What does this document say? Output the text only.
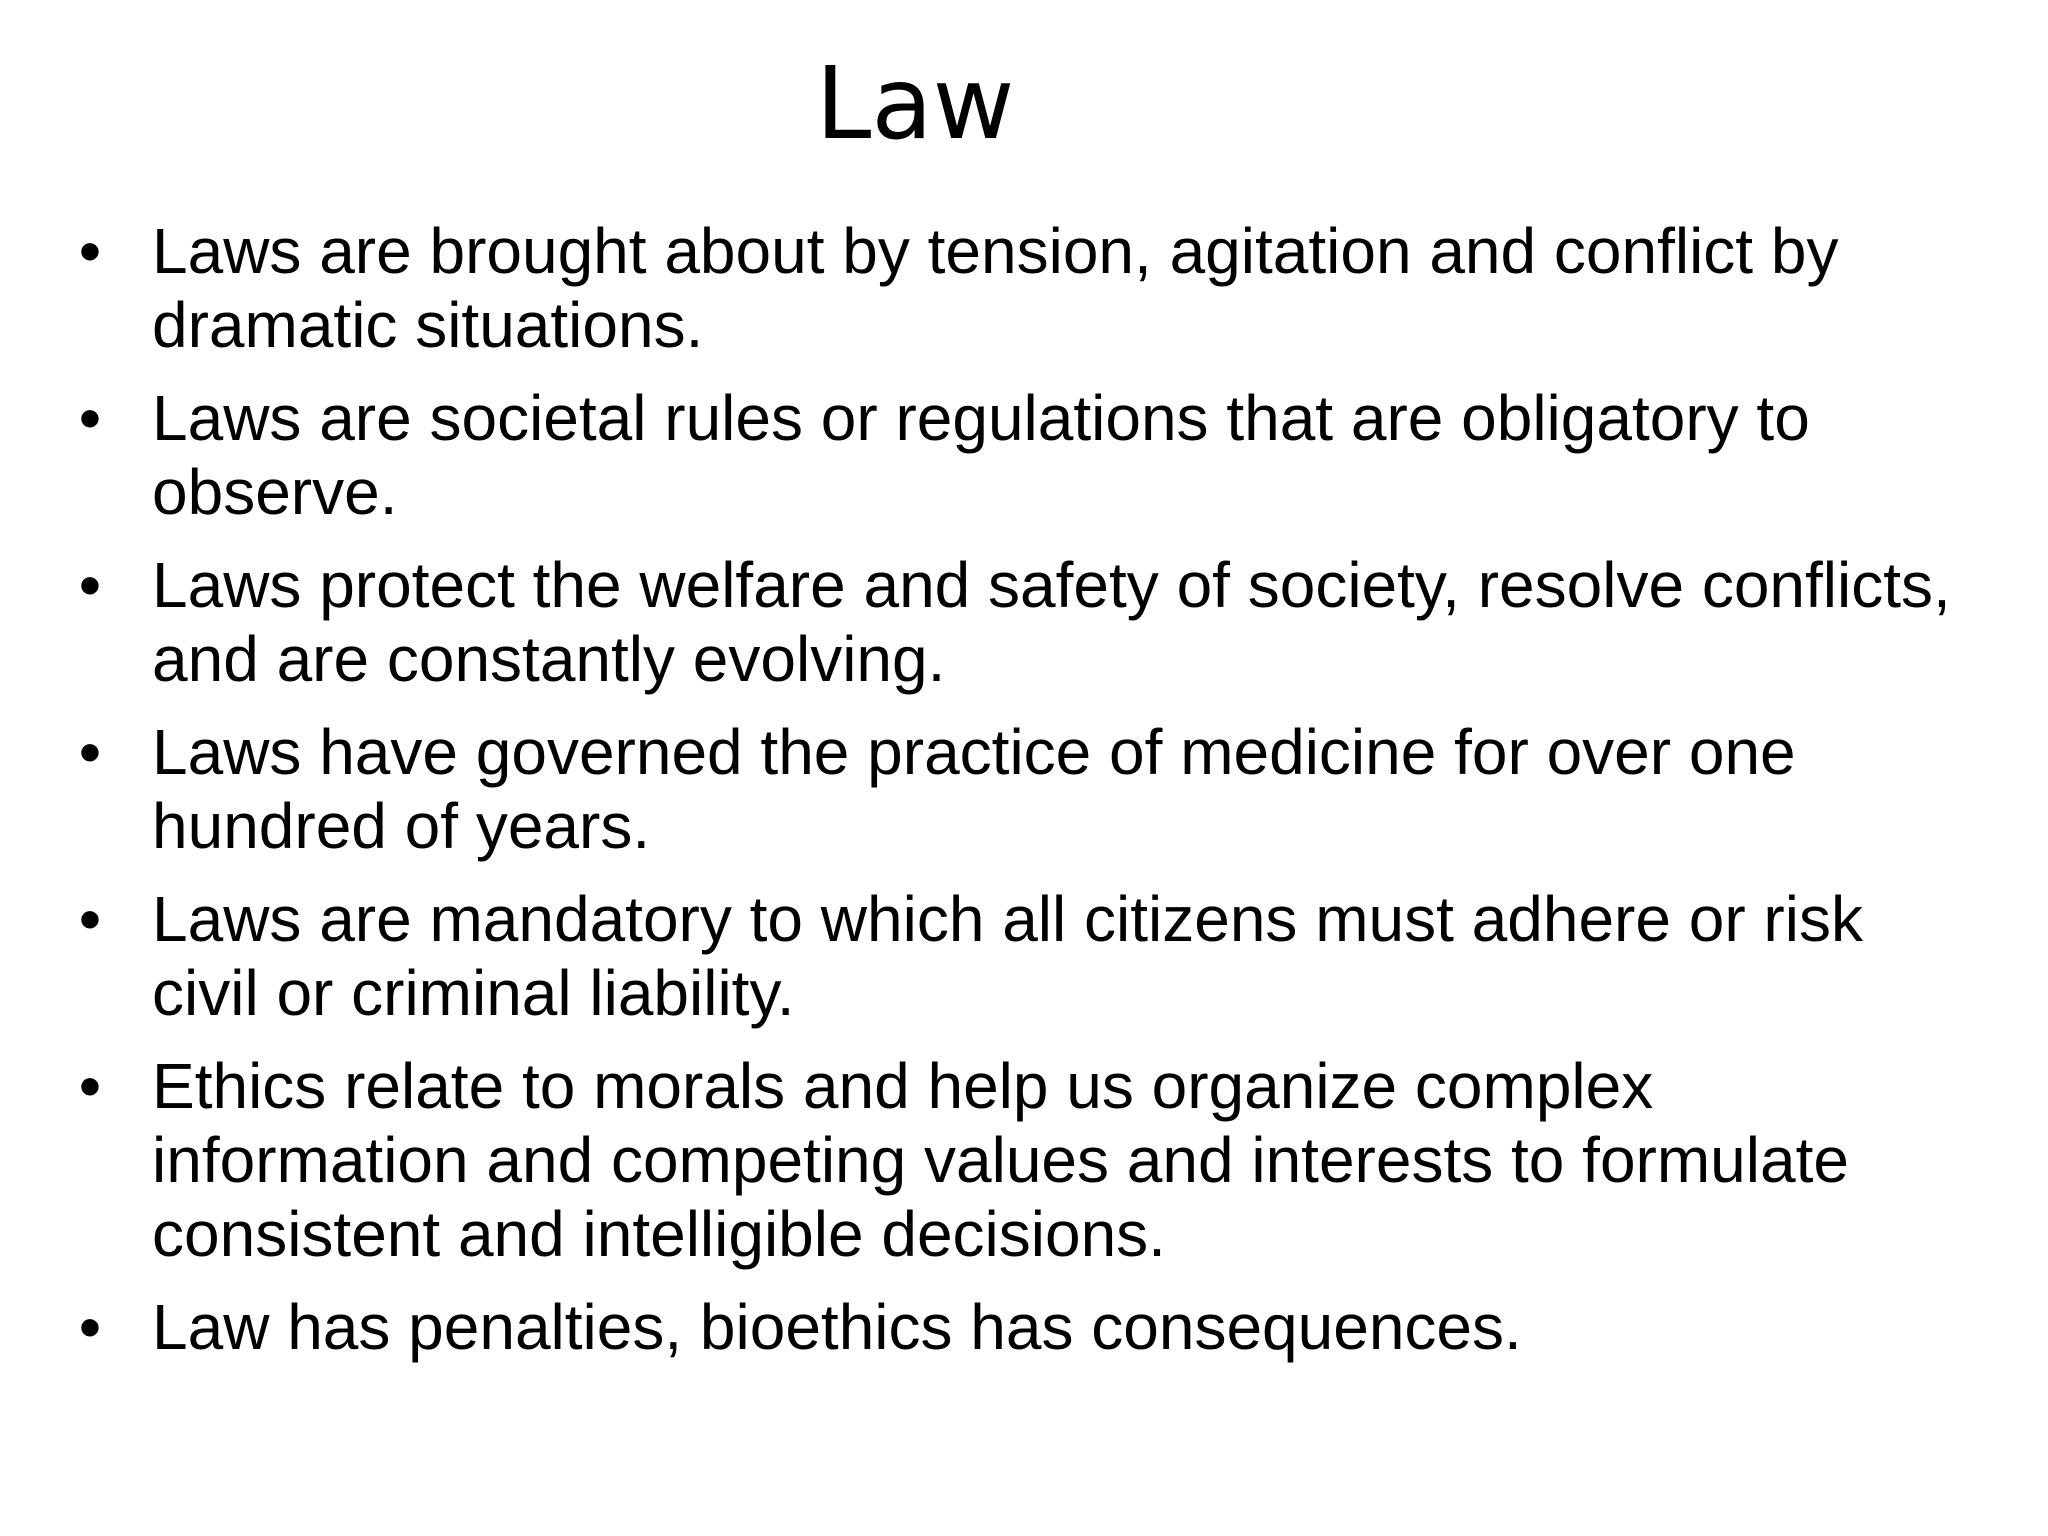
Law
• Laws are brought about by tension, agitation and conflict by dramatic situations.
• Laws are societal rules or regulations that are obligatory to observe.
• Laws protect the welfare and safety of society, resolve conflicts, and are constantly evolving.
• Laws have governed the practice of medicine for over one hundred of years.
• Laws are mandatory to which all citizens must adhere or risk civil or criminal liability.
• Ethics relate to morals and help us organize complex information and competing values and interests to formulate consistent and intelligible decisions.
• Law has penalties, bioethics has consequences.
